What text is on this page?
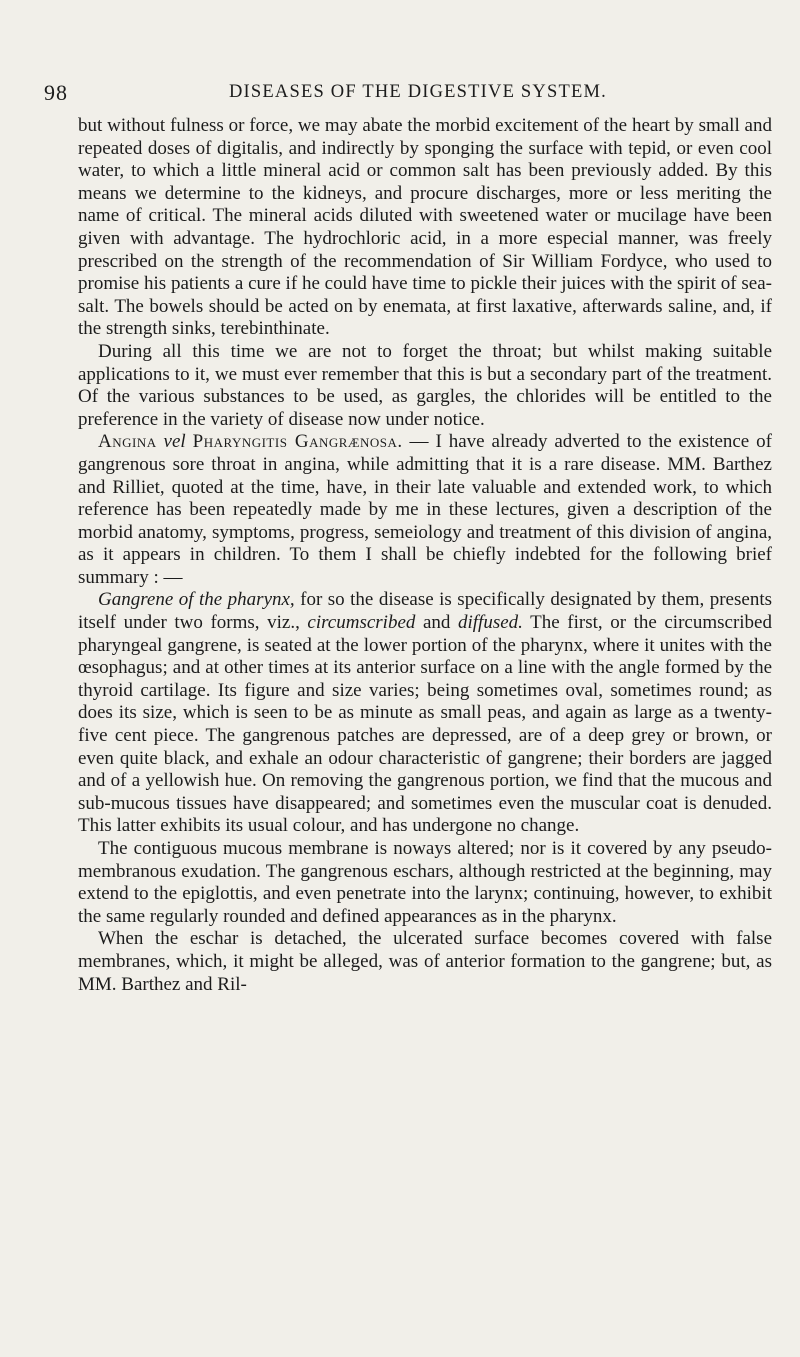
98	DISEASES OF THE DIGESTIVE SYSTEM.

but without fulness or force, we may abate the morbid excitement of the heart by small and repeated doses of digitalis, and indirectly by sponging the surface with tepid, or even cool water, to which a little mineral acid or common salt has been previously added. By this means we determine to the kidneys, and procure discharges, more or less meriting the name of critical. The mineral acids diluted with sweetened water or mucilage have been given with advantage. The hydrochloric acid, in a more especial manner, was freely prescribed on the strength of the recommendation of Sir William Fordyce, who used to promise his patients a cure if he could have time to pickle their juices with the spirit of sea-salt. The bowels should be acted on by enemata, at first laxative, afterwards saline, and, if the strength sinks, terebinthinate.

During all this time we are not to forget the throat; but whilst making suitable applications to it, we must ever remember that this is but a secondary part of the treatment. Of the various substances to be used, as gargles, the chlorides will be entitled to the preference in the variety of disease now under notice.

Angina vel Pharyngitis Gangrænosa. — I have already adverted to the existence of gangrenous sore throat in angina, while admitting that it is a rare disease. MM. Barthez and Rilliet, quoted at the time, have, in their late valuable and extended work, to which reference has been repeatedly made by me in these lectures, given a description of the morbid anatomy, symptoms, progress, semeiology and treatment of this division of angina, as it appears in children. To them I shall be chiefly indebted for the following brief summary : —

Gangrene of the pharynx, for so the disease is specifically designated by them, presents itself under two forms, viz., circumscribed and diffused. The first, or the circumscribed pharyngeal gangrene, is seated at the lower portion of the pharynx, where it unites with the œsophagus; and at other times at its anterior surface on a line with the angle formed by the thyroid cartilage. Its figure and size varies; being sometimes oval, sometimes round; as does its size, which is seen to be as minute as small peas, and again as large as a twenty-five cent piece. The gangrenous patches are depressed, are of a deep grey or brown, or even quite black, and exhale an odour characteristic of gangrene; their borders are jagged and of a yellowish hue. On removing the gangrenous portion, we find that the mucous and sub-mucous tissues have disappeared; and sometimes even the muscular coat is denuded. This latter exhibits its usual colour, and has undergone no change.

The contiguous mucous membrane is noways altered; nor is it covered by any pseudo-membranous exudation. The gangrenous eschars, although restricted at the beginning, may extend to the epiglottis, and even penetrate into the larynx; continuing, however, to exhibit the same regularly rounded and defined appearances as in the pharynx.

When the eschar is detached, the ulcerated surface becomes covered with false membranes, which, it might be alleged, was of anterior formation to the gangrene; but, as MM. Barthez and Ril-
